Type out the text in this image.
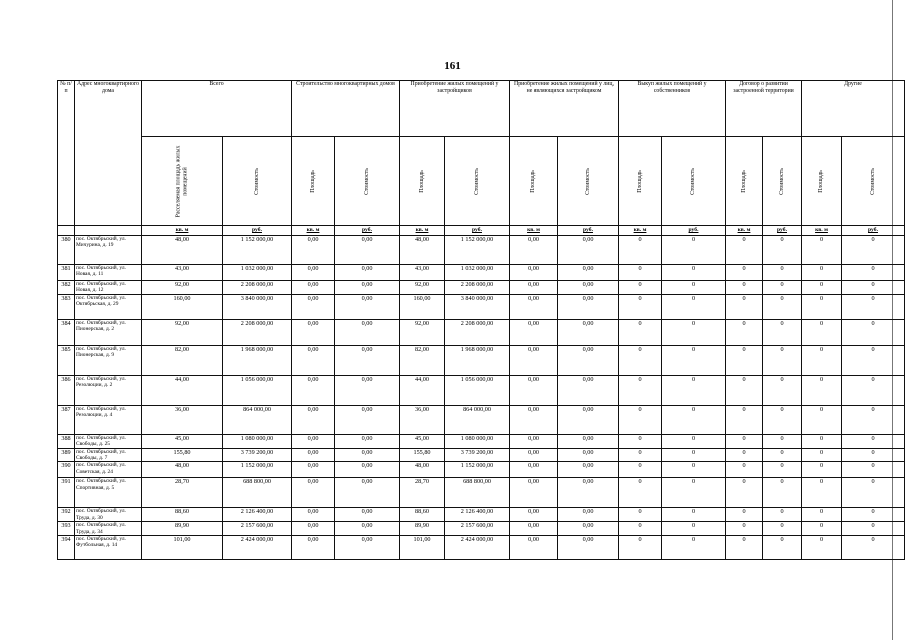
161
№ п/п	Адрес многоквартирного дома	Всего		Строительство многоквартирных домов		Приобретение жилых помещений у застройщиков		Приобретение жилых помещений у лиц, не являющихся застройщиком		Выкуп жилых помещений у собственников		Договор о развитии застроенной территории		Другие	
		Расселяемая площадь жилых помещений	Стоимость	Площадь	Стоимость	Площадь	Стоимость	Площадь	Стоимость	Площадь	Стоимость	Площадь	Стоимость	Площадь	Стоимость
		кв. м	руб.	кв. м	руб.	кв. м	руб.	кв. м	руб.	кв. м	руб.	кв. м	руб.	кв. м	руб.
380	пос. Октябрьский, ул. Мичурина, д. 19	48,00	1 152 000,00	0,00	0,00	48,00	1 152 000,00	0,00	0,00	0	0	0	0	0	0
381	пос. Октябрьский, ул. Новая, д. 11	43,00	1 032 000,00	0,00	0,00	43,00	1 032 000,00	0,00	0,00	0	0	0	0	0	0
382	пос. Октябрьский, ул. Новая, д. 12	92,00	2 208 000,00	0,00	0,00	92,00	2 208 000,00	0,00	0,00	0	0	0	0	0	0
383	пос. Октябрьский, ул. Октябрьская, д. 29	160,00	3 840 000,00	0,00	0,00	160,00	3 840 000,00	0,00	0,00	0	0	0	0	0	0
384	пос. Октябрьский, ул. Пионерская, д. 2	92,00	2 208 000,00	0,00	0,00	92,00	2 208 000,00	0,00	0,00	0	0	0	0	0	0
385	пос. Октябрьский, ул. Пионерская, д. 9	82,00	1 968 000,00	0,00	0,00	82,00	1 968 000,00	0,00	0,00	0	0	0	0	0	0
386	пос. Октябрьский, ул. Резолюции, д. 2	44,00	1 056 000,00	0,00	0,00	44,00	1 056 000,00	0,00	0,00	0	0	0	0	0	0
387	пос. Октябрьский, ул. Резолюции, д. 4	36,00	864 000,00	0,00	0,00	36,00	864 000,00	0,00	0,00	0	0	0	0	0	0
388	пос. Октябрьский, ул. Свободы, д. 25	45,00	1 080 000,00	0,00	0,00	45,00	1 080 000,00	0,00	0,00	0	0	0	0	0	0
389	пос. Октябрьский, ул. Свободы, д. 7	155,80	3 739 200,00	0,00	0,00	155,80	3 739 200,00	0,00	0,00	0	0	0	0	0	0
390	пос. Октябрьский, ул. Советская, д. 24	48,00	1 152 000,00	0,00	0,00	48,00	1 152 000,00	0,00	0,00	0	0	0	0	0	0
391	пос. Октябрьский, ул. Спортивная, д. 5	28,70	688 800,00	0,00	0,00	28,70	688 800,00	0,00	0,00	0	0	0	0	0	0
392	пос. Октябрьский, ул. Труда, д. 30	88,60	2 126 400,00	0,00	0,00	88,60	2 126 400,00	0,00	0,00	0	0	0	0	0	0
393	пос. Октябрьский, ул. Труда, д. 34	89,90	2 157 600,00	0,00	0,00	89,90	2 157 600,00	0,00	0,00	0	0	0	0	0	0
394	пос. Октябрьский, ул. Футбольная, д. 14	101,00	2 424 000,00	0,00	0,00	101,00	2 424 000,00	0,00	0,00	0	0	0	0	0	0
